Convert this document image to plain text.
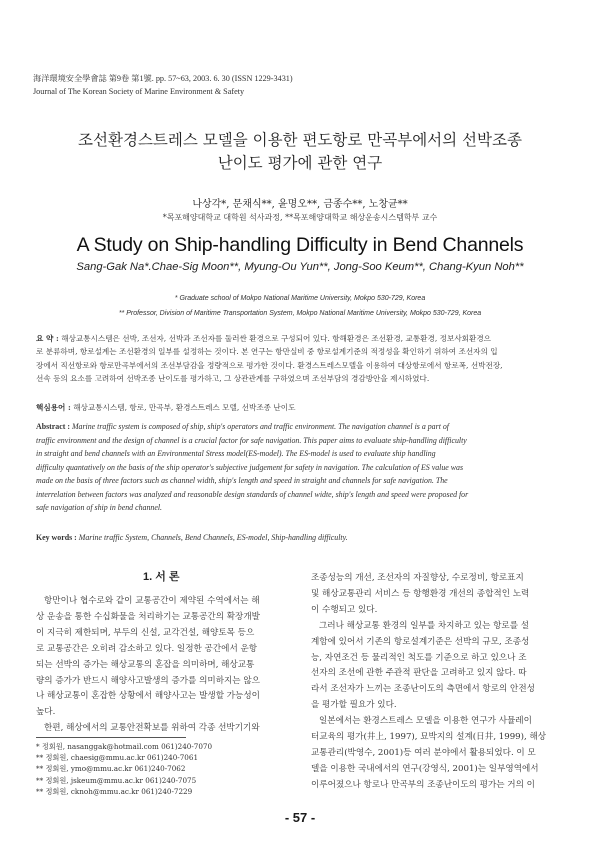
海洋環境安全學會誌 第9卷 第1號. pp. 57~63, 2003. 6. 30 (ISSN 1229-3431)
Journal of The Korean Society of Marine Environment & Safety
조선환경스트레스 모델을 이용한 편도항로 만곡부에서의 선박조종
난이도 평가에 관한 연구
나상각*, 문채식**, 윤명오**, 금종수**, 노창균**
*목포해양대학교 대학원 석사과정, **목포해양대학교 해상운송시스템학부 교수
A Study on Ship-handling Difficulty in Bend Channels
Sang-Gak Na*.Chae-Sig Moon**, Myung-Ou Yun**, Jong-Soo Keum**, Chang-Kyun Noh**
* Graduate school of Mokpo National Maritime University, Mokpo 530-729, Korea
** Professor, Division of Maritime Transportation System, Mokpo National Maritime University, Mokpo 530-729, Korea
요 약 : 해상교통시스템은 선박, 조선자, 선박과 조선자를 둘러싼 환경으로 구성되어 있다. 항해환경은 조선환경, 교통환경, 정보사회환경으
로 분류하며, 항로설계는 조선환경의 일부를 설정하는 것이다. 본 연구는 항만실비 중 항로설계기준의 적정성을 확인하기 위하여 조선자의 입
장에서 직선항로와 항로만곡부에서의 조선부담감을 정량적으로 평가한 것이다. 환경스트레스모델을 이용하여 대상항로에서 항로폭, 선박전장,
선속 등의 요소를 고려하여 선박조종 난이도를 평가하고, 그 상관관계를 구하였으며 조선부담의 경감방안을 제시하였다.
핵심용어 : 해상교통시스템, 항로, 만곡부, 환경스트레스 모델, 선박조종 난이도
Abstract : Marine traffic system is composed of ship, ship's operators and traffic environment. The navigation channel is a part of
traffic environment and the design of channel is a crucial factor for safe navigation. This paper aims to evaluate ship-handling difficulty
in straight and bend channels with an Environmental Stress model(ES-model). The ES-model is used to evaluate ship handling
difficulty quantatively on the basis of the ship operator's subjective judgement for safety in navigation. The calculation of ES value was
made on the basis of three factors such as channel width, ship's length and speed in straight and channels for safe navigation. The
interrelation between factors was analyzed and reasonable design standards of channel widte, ship's length and speed were proposed for
safe navigation of ship in bend channel.
Key words : Marine traffic System, Channels, Bend Channels, ES-model, Ship-handling difficulty.
1. 서 론
항만이나 협수로와 같이 교통공간이 제약된 수역에서는 해
상 운송을 통한 수십화물을 처리하기는 교통공간의 확장개발
이 지극히 제한되며, 부두의 신설, 교각건설, 해양토목 등으
로 교통공간은 오히려 감소하고 있다. 일정한 공간에서 운항
되는 선박의 증가는 해상교통의 혼잡을 의미하며, 해상교통
량의 증가가 반드시 해양사고발생의 증가를 의미하지는 않으
나 해상교통이 혼잡한 상황에서 해양사고는 발생할 가능성이
높다.
한편, 해상에서의 교통안전확보를 위하여 각종 선박기기와
* 정회원, nasanggak@hotmail.com 061)240-7070
** 정회원, chaesig@mmu.ac.kr 061)240-7061
** 정회원, ymo@mmu.ac.kr 061)240-7062
** 정회원, jskeum@mmu.ac.kr 061)240-7075
** 정회원, cknoh@mmu.ac.kr 061)240-7229
조종성능의 개선, 조선자의 자질향상, 수로정비, 항로표지
및 해상교통관리 서비스 등 항행환경 개선의 종합적인 노력
이 수행되고 있다.
그러나 해상교통 환경의 일부를 차지하고 있는 항로를 설
계함에 있어서 기존의 항로설계기준은 선박의 규모, 조종성
능, 자연조건 등 물리적인 척도를 기준으로 하고 있으나 조
선자의 조선에 관한 주관적 판단을 고려하고 있지 않다. 따
라서 조선자가 느끼는 조종난이도의 측면에서 항로의 안전성
을 평가할 필요가 있다.
일본에서는 환경스트레스 모델을 이용한 연구가 사뮬레이
터교육의 평가(井上, 1997), 묘박지의 설계(日井, 1999), 해상
교통관리(박영수, 2001)등 여러 분야에서 활용되었다. 이 모
델을 이용한 국내에서의 연구(강영식, 2001)는 일부영역에서
이루어졌으나 항로나 만곡부의 조종난이도의 평가는 거의 이
- 57 -
